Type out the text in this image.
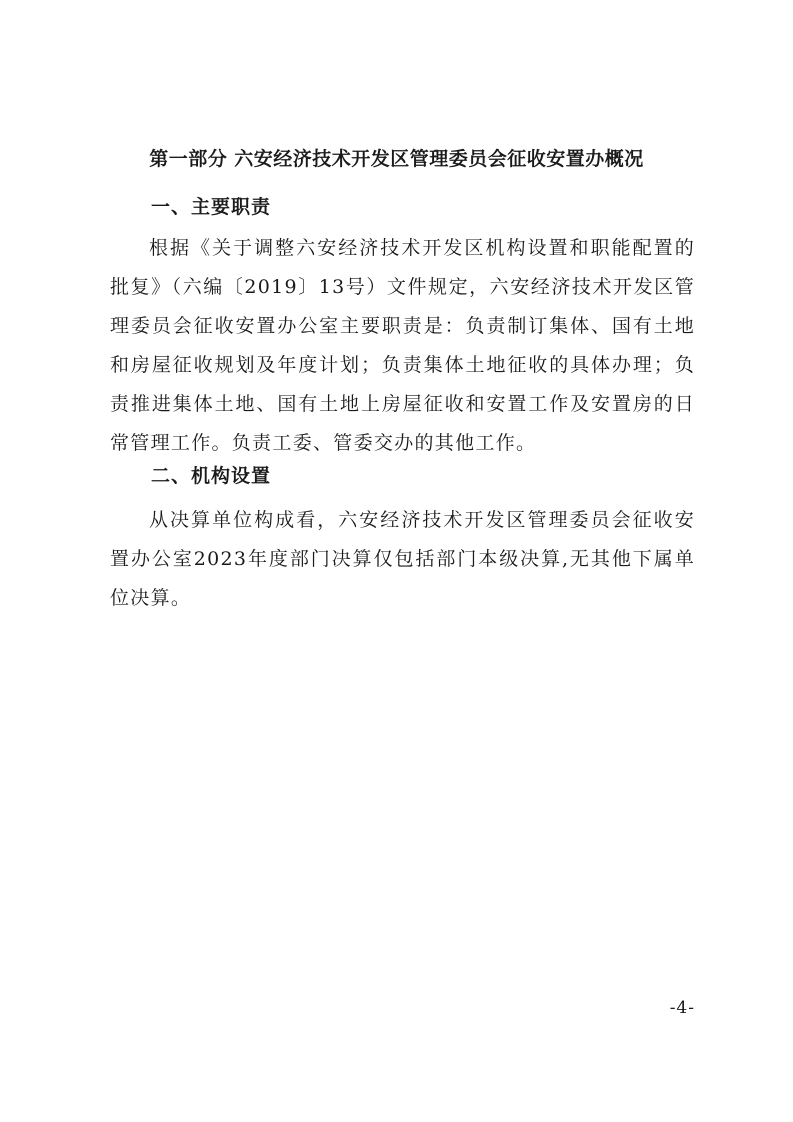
第一部分 六安经济技术开发区管理委员会征收安置办概况
一、主要职责
根据《关于调整六安经济技术开发区机构设置和职能配置的批复》（六编〔2019〕13号）文件规定，六安经济技术开发区管理委员会征收安置办公室主要职责是：负责制订集体、国有土地和房屋征收规划及年度计划；负责集体土地征收的具体办理；负责推进集体土地、国有土地上房屋征收和安置工作及安置房的日常管理工作。负责工委、管委交办的其他工作。
二、机构设置
从决算单位构成看，六安经济技术开发区管理委员会征收安置办公室2023年度部门决算仅包括部门本级决算,无其他下属单位决算。
-4-
